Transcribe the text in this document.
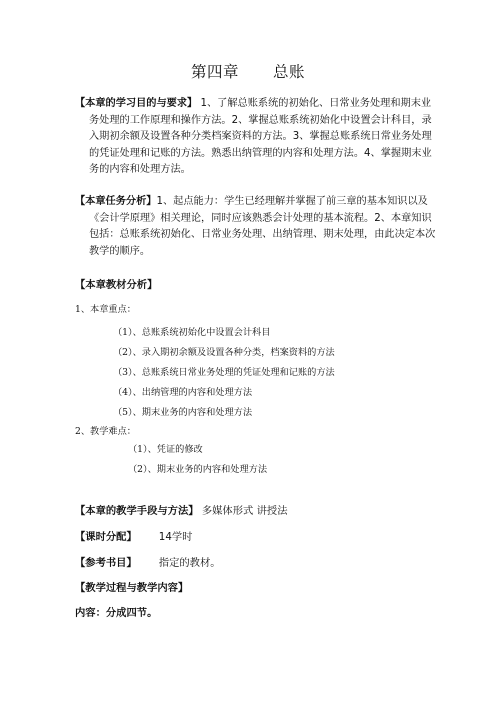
第四章 总账
【本章的学习目的与要求】 1、了解总账系统的初始化、日常业务处理和期末业务处理的工作原理和操作方法。2、掌握总账系统初始化中设置会计科目，录入期初余额及设置各种分类档案资料的方法。3、掌握总账系统日常业务处理的凭证处理和记账的方法。熟悉出纳管理的内容和处理方法。4、掌握期末业务的内容和处理方法。
【本章任务分析】1、起点能力：学生已经理解并掌握了前三章的基本知识以及《会计学原理》相关理论，同时应该熟悉会计处理的基本流程。2、本章知识包括：总账系统初始化、日常业务处理、出纳管理、期末处理，由此决定本次教学的顺序。
【本章教材分析】
1、本章重点：
（1）、总账系统初始化中设置会计科目
（2）、录入期初余额及设置各种分类，档案资料的方法
（3）、总账系统日常业务处理的凭证处理和记账的方法
（4）、出纳管理的内容和处理方法
（5）、期末业务的内容和处理方法
2、教学难点：
（1）、凭证的修改
（2）、期末业务的内容和处理方法
【本章的教学手段与方法】 多媒体形式 讲授法
【课时分配】 14学时
【参考书目】 指定的教材。
【教学过程与教学内容】
内容：分成四节。
